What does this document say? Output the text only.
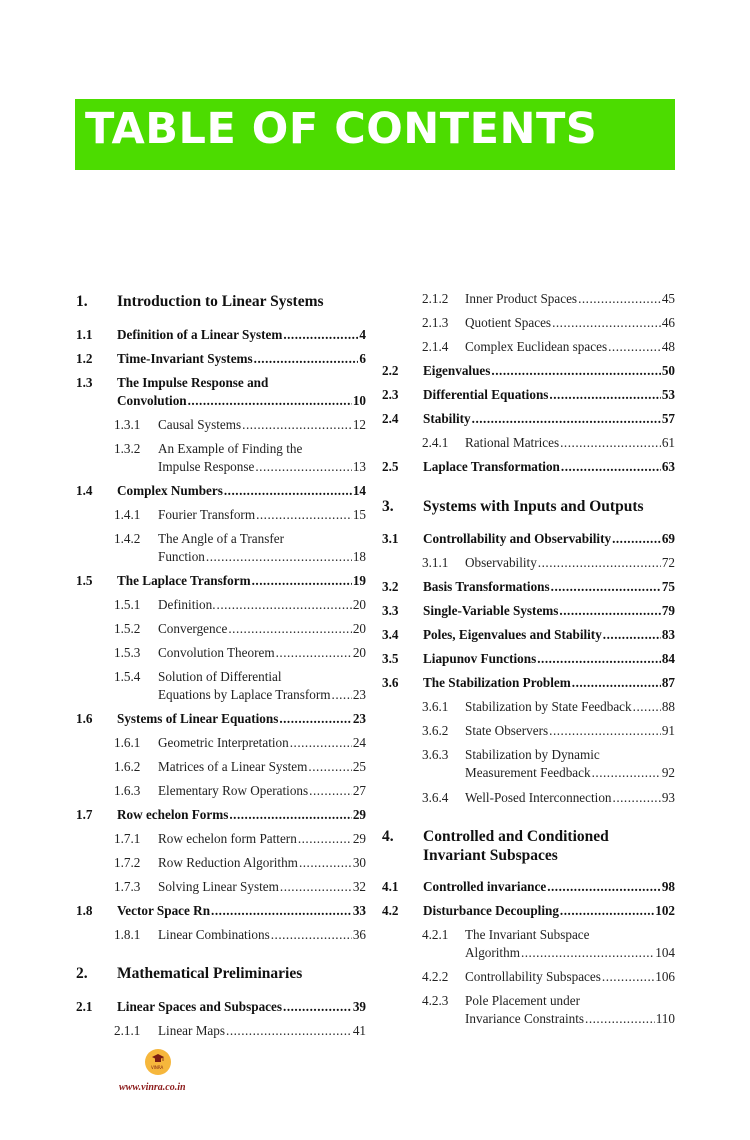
TABLE OF CONTENTS
1. Introduction to Linear Systems
1.1 Definition of a Linear System .....	4
1.2 Time-Invariant Systems .....	6
1.3 The Impulse Response and
Convolution .....	10
1.3.1 Causal Systems .....	12
1.3.2 An Example of Finding the
Impulse Response .....	13
1.4 Complex Numbers .....	14
1.4.1 Fourier Transform .....	15
1.4.2 The Angle of a Transfer
Function .....	18
1.5 The Laplace Transform .....	19
1.5.1 Definition. .....	20
1.5.2 Convergence .....	20
1.5.3 Convolution Theorem .....	20
1.5.4 Solution of Differential
Equations by Laplace Transform ..... 23
1.6 Systems of Linear Equations .....	23
1.6.1 Geometric Interpretation .....	24
1.6.2 Matrices of a Linear System .....	25
1.6.3 Elementary Row Operations .....	27
1.7 Row echelon Forms .....	29
1.7.1 Row echelon form Pattern .....	29
1.7.2 Row Reduction Algorithm .....	30
1.7.3 Solving Linear System .....	32
1.8 Vector Space Rn .....	33
1.8.1 Linear Combinations .....	36
2. Mathematical Preliminaries
2.1 Linear Spaces and Subspaces .....	39
2.1.1 Linear Maps .....	41
2.1.2 Inner Product Spaces .....	45
2.1.3 Quotient Spaces .....	46
2.1.4 Complex Euclidean spaces .....	48
2.2 Eigenvalues .....	50
2.3 Differential Equations .....	53
2.4 Stability .....	57
2.4.1 Rational Matrices .....	61
2.5 Laplace Transformation .....	63
3. Systems with Inputs and Outputs
3.1 Controllability and Observability .....	69
3.1.1 Observability .....	72
3.2 Basis Transformations .....	75
3.3 Single-Variable Systems .....	79
3.4 Poles, Eigenvalues and Stability .....	83
3.5 Liapunov Functions .....	84
3.6 The Stabilization Problem .....	87
3.6.1 Stabilization by State Feedback ..... 88
3.6.2 State Observers .....	91
3.6.3 Stabilization by Dynamic
Measurement Feedback .....	92
3.6.4 Well-Posed Interconnection .....	93
4. Controlled and Conditioned
Invariant Subspaces
4.1 Controlled invariance .....	98
4.2 Disturbance Decoupling .....	102
4.2.1 The Invariant Subspace
Algorithm .....	104
4.2.2 Controllability Subspaces .....	106
4.2.3 Pole Placement under
Invariance Constraints .....	110
VINRA
www.vinra.co.in
